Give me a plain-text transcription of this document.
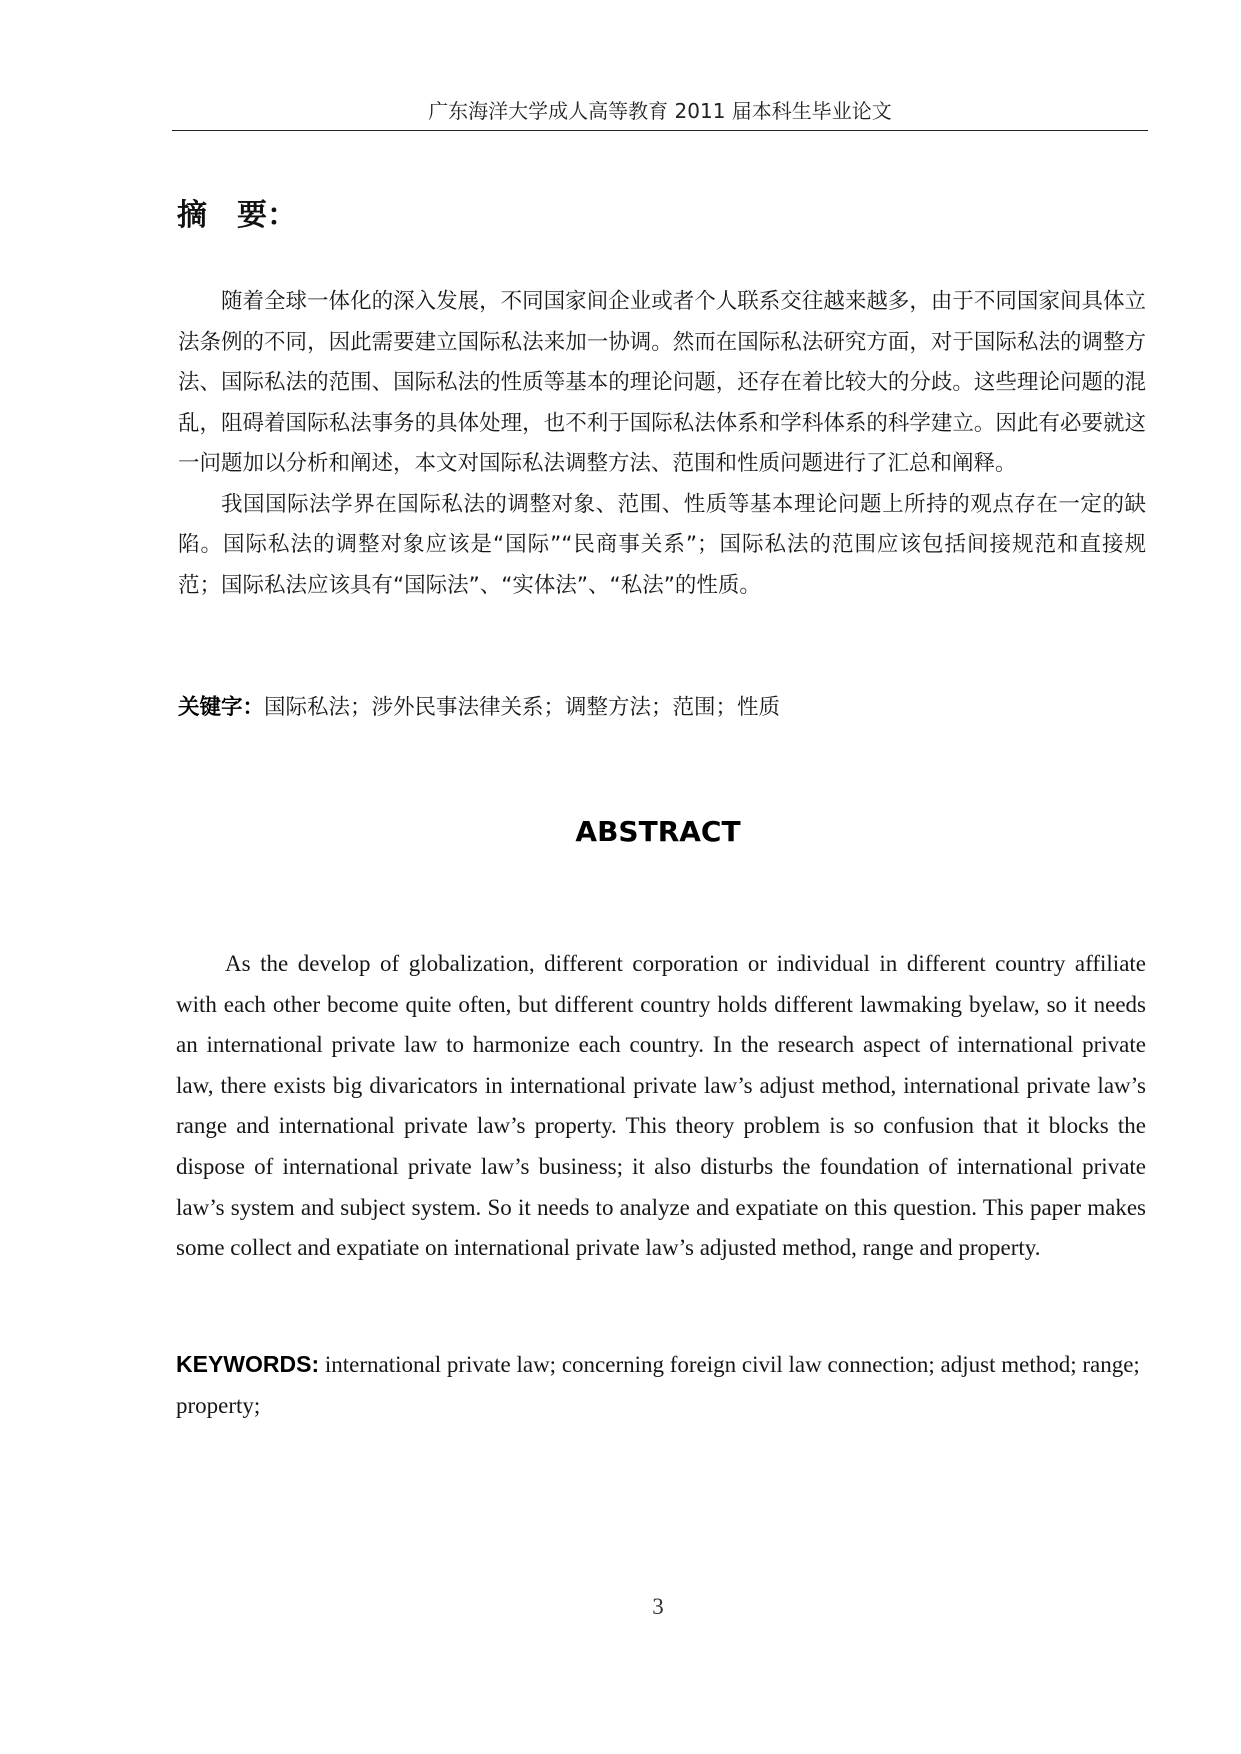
广东海洋大学成人高等教育 2011 届本科生毕业论文
摘　要：

随着全球一体化的深入发展，不同国家间企业或者个人联系交往越来越多，由于不同国家间具体立法条例的不同，因此需要建立国际私法来加一协调。然而在国际私法研究方面，对于国际私法的调整方法、国际私法的范围、国际私法的性质等基本的理论问题，还存在着比较大的分歧。这些理论问题的混乱，阻碍着国际私法事务的具体处理，也不利于国际私法体系和学科体系的科学建立。因此有必要就这一问题加以分析和阐述，本文对国际私法调整方法、范围和性质问题进行了汇总和阐释。

我国国际法学界在国际私法的调整对象、范围、性质等基本理论问题上所持的观点存在一定的缺陷。国际私法的调整对象应该是“国际”“民商事关系”；国际私法的范围应该包括间接规范和直接规范；国际私法应该具有“国际法”、“实体法”、“私法”的性质。

关键字：国际私法；涉外民事法律关系；调整方法；范围；性质
ABSTRACT

As the develop of globalization, different corporation or individual in different country affiliate with each other become quite often, but different country holds different lawmaking byelaw, so it needs an international private law to harmonize each country. In the research aspect of international private law, there exists big divaricators in international private law’s adjust method, international private law’s range and international private law’s property. This theory problem is so confusion that it blocks the dispose of international private law’s business; it also disturbs the foundation of international private law’s system and subject system. So it needs to analyze and expatiate on this question. This paper makes some collect and expatiate on international private law’s adjusted method, range and property.

KEYWORDS: international private law; concerning foreign civil law connection; adjust method; range; property;
3
